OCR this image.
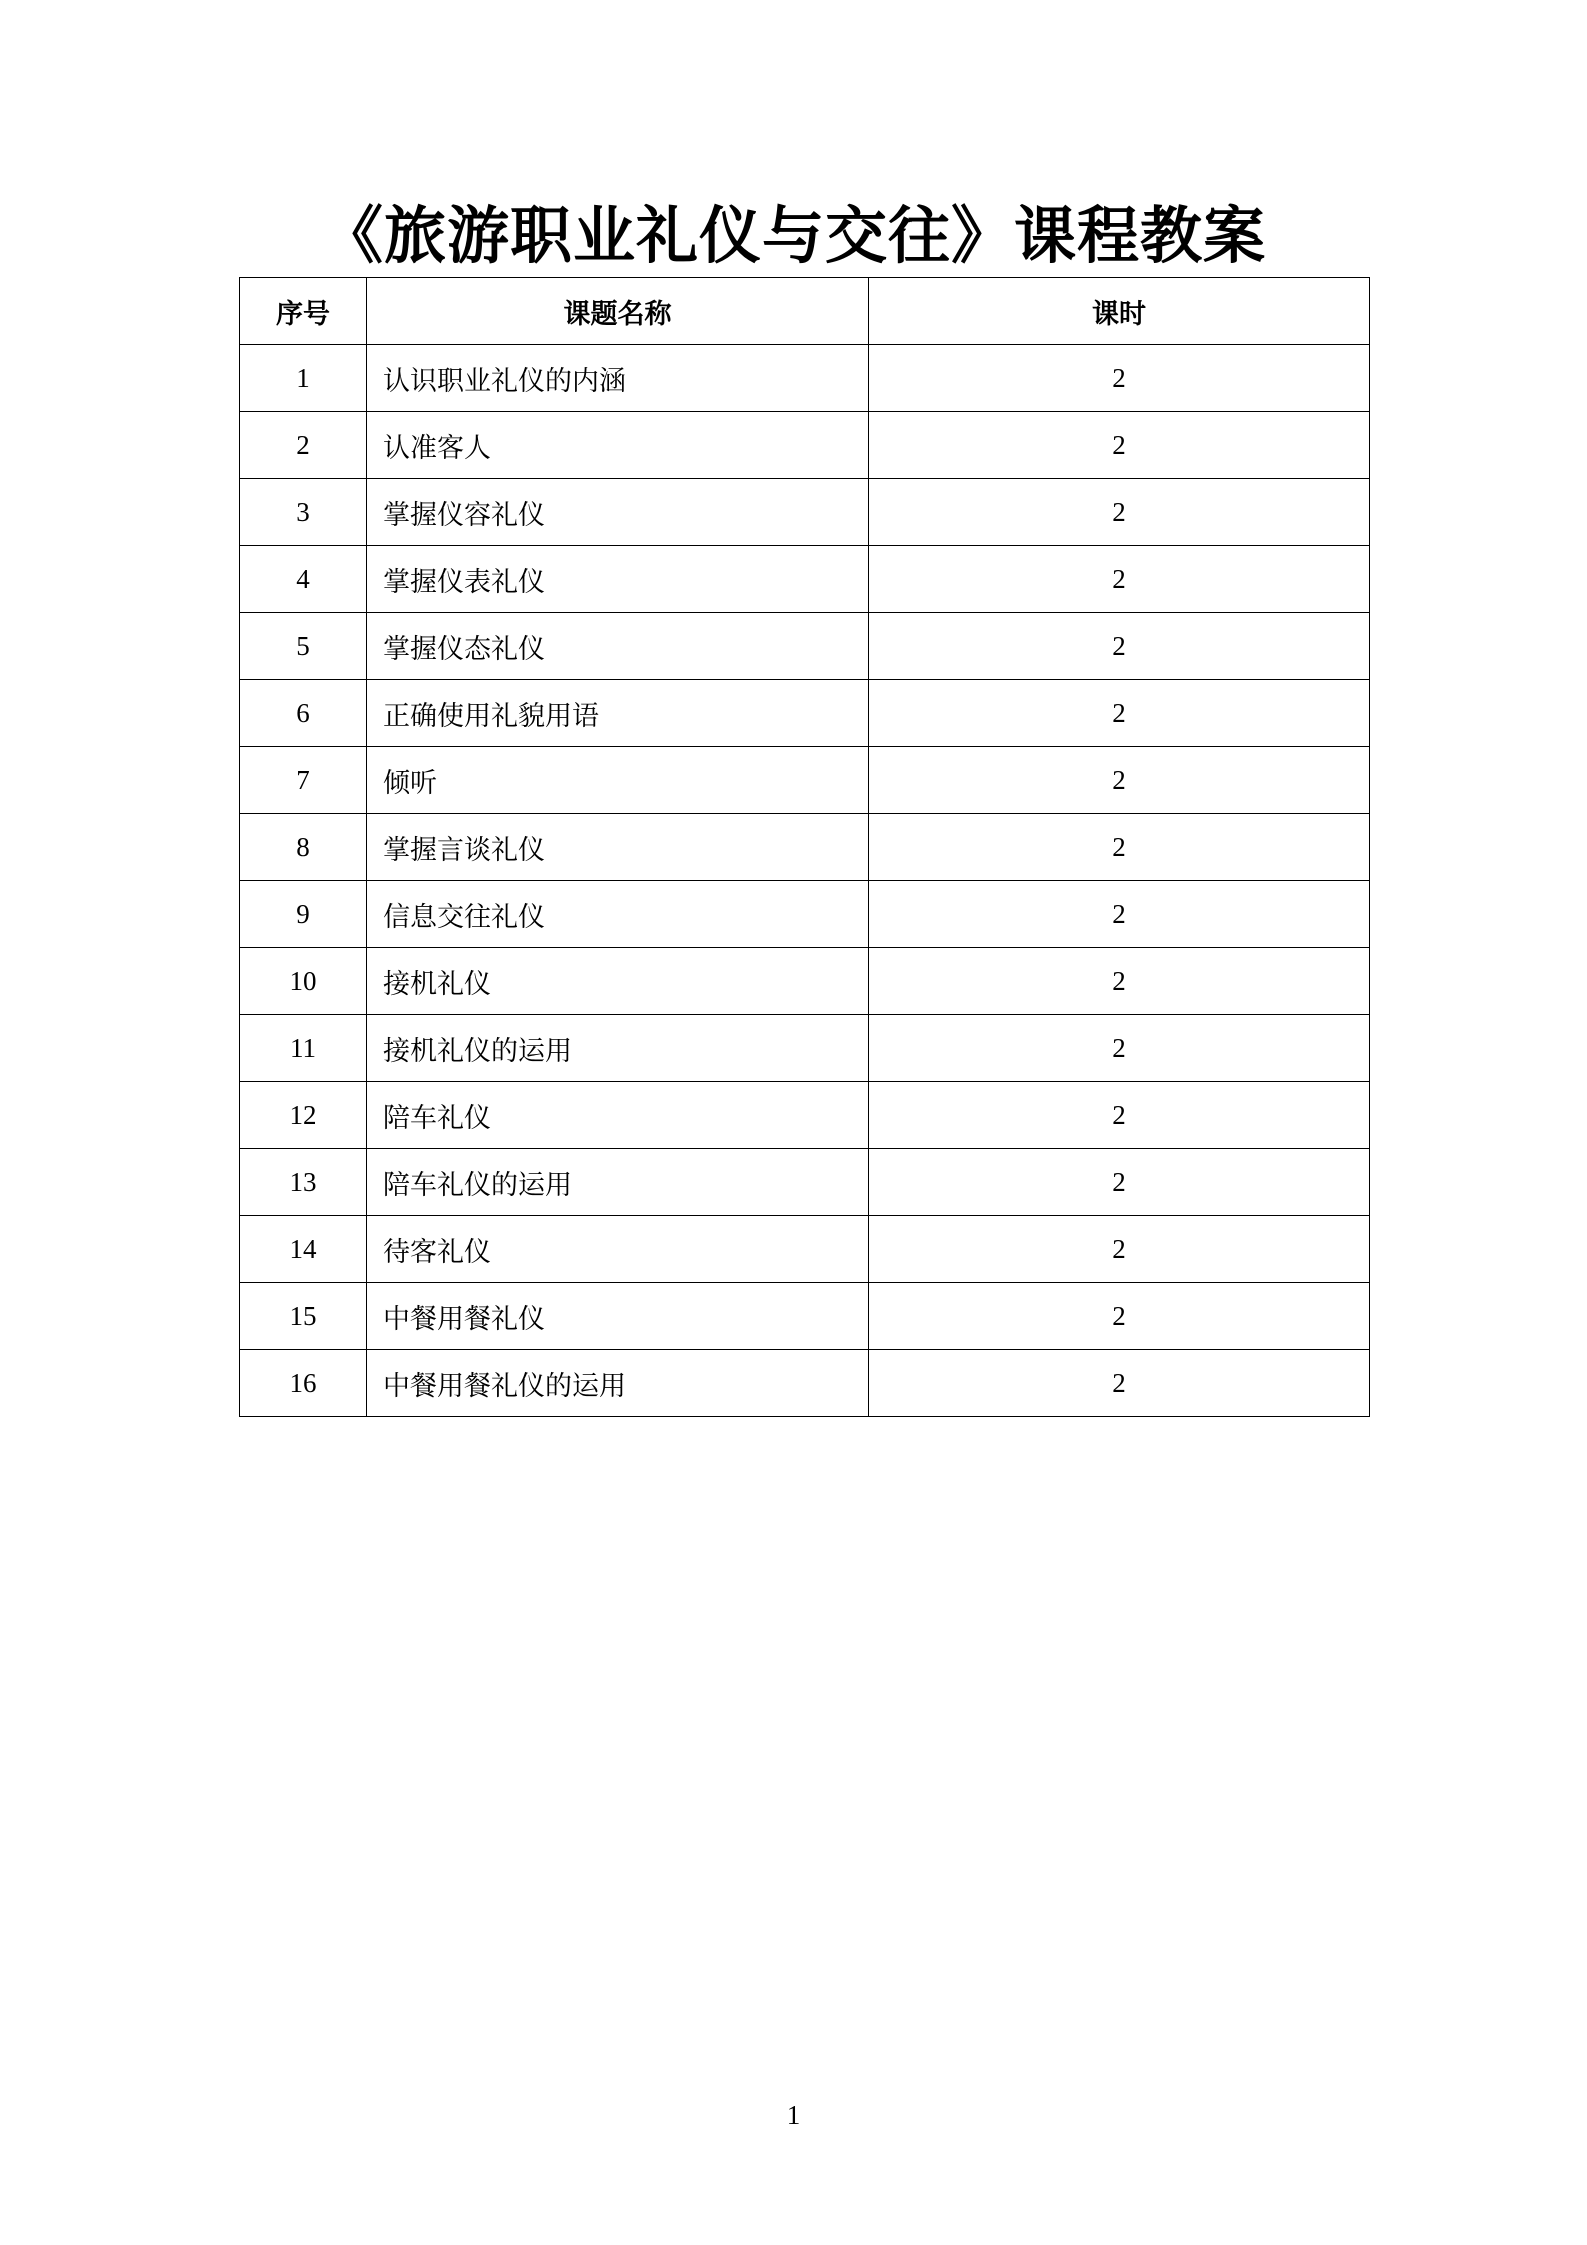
《旅游职业礼仪与交往》课程教案
序号	课题名称	课时
1	认识职业礼仪的内涵	2
2	认准客人	2
3	掌握仪容礼仪	2
4	掌握仪表礼仪	2
5	掌握仪态礼仪	2
6	正确使用礼貌用语	2
7	倾听	2
8	掌握言谈礼仪	2
9	信息交往礼仪	2
10	接机礼仪	2
11	接机礼仪的运用	2
12	陪车礼仪	2
13	陪车礼仪的运用	2
14	待客礼仪	2
15	中餐用餐礼仪	2
16	中餐用餐礼仪的运用	2
1
